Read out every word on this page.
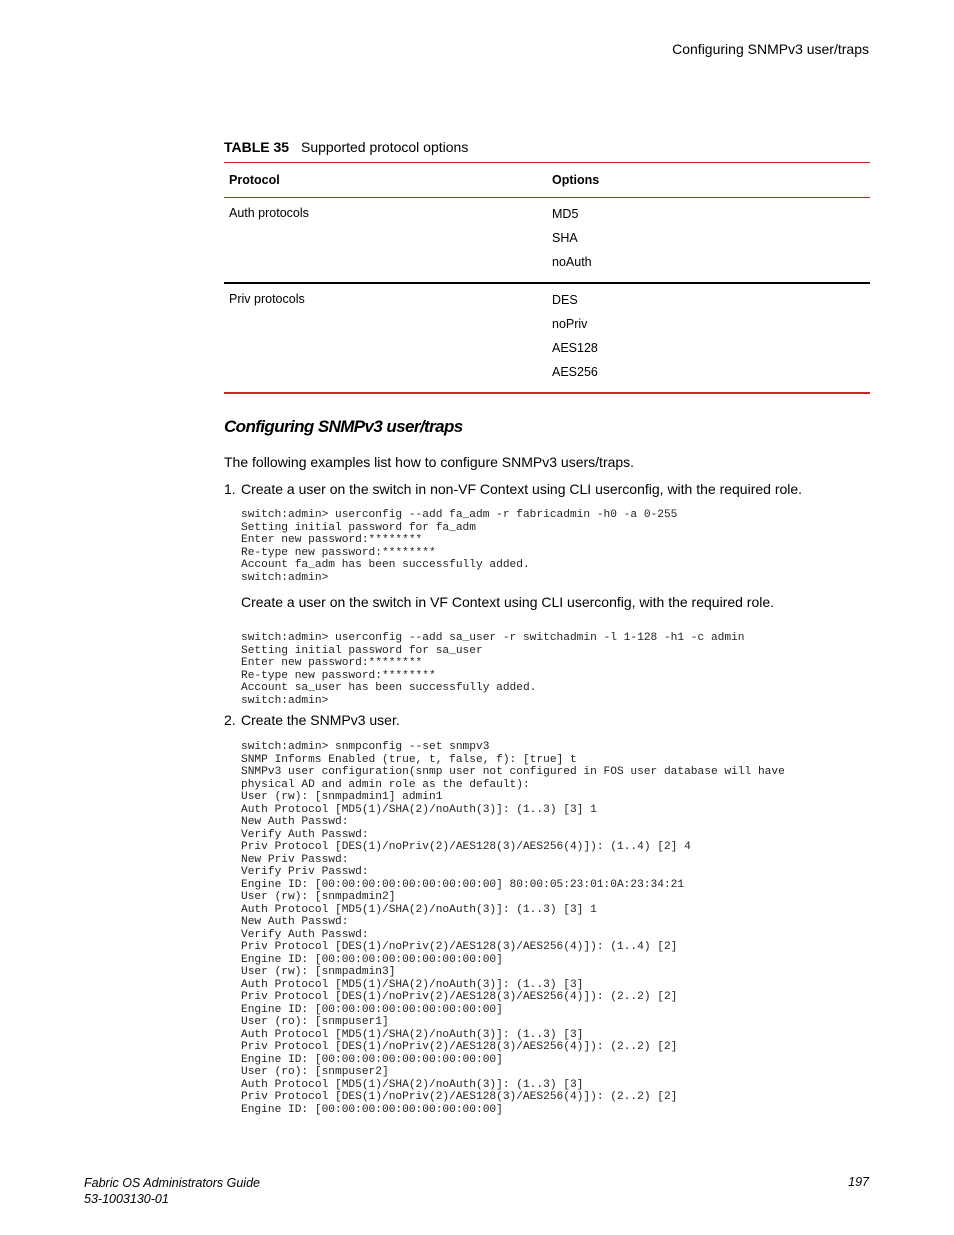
Configuring SNMPv3 user/traps
TABLE 35 Supported protocol options
Protocol	Options
Auth protocols	MD5
SHA
noAuth

Priv protocols	DES
noPriv
AES128
AES256
Configuring SNMPv3 user/traps
The following examples list how to configure SNMPv3 users/traps.
1. Create a user on the switch in non-VF Context using CLI userconfig, with the required role.
switch:admin> userconfig --add fa_adm -r fabricadmin -h0 -a 0-255
Setting initial password for fa_adm
Enter new password:********
Re-type new password:********
Account fa_adm has been successfully added.
switch:admin>
Create a user on the switch in VF Context using CLI userconfig, with the required role.
switch:admin> userconfig --add sa_user -r switchadmin -l 1-128 -h1 -c admin
Setting initial password for sa_user
Enter new password:********
Re-type new password:********
Account sa_user has been successfully added.
switch:admin>
2. Create the SNMPv3 user.
switch:admin> snmpconfig --set snmpv3
SNMP Informs Enabled (true, t, false, f): [true] t
SNMPv3 user configuration(snmp user not configured in FOS user database will have
physical AD and admin role as the default):
User (rw): [snmpadmin1] admin1
Auth Protocol [MD5(1)/SHA(2)/noAuth(3)]: (1..3) [3] 1
New Auth Passwd:
Verify Auth Passwd:
Priv Protocol [DES(1)/noPriv(2)/AES128(3)/AES256(4)]): (1..4) [2] 4
New Priv Passwd:
Verify Priv Passwd:
Engine ID: [00:00:00:00:00:00:00:00:00] 80:00:05:23:01:0A:23:34:21
User (rw): [snmpadmin2]
Auth Protocol [MD5(1)/SHA(2)/noAuth(3)]: (1..3) [3] 1
New Auth Passwd:
Verify Auth Passwd:
Priv Protocol [DES(1)/noPriv(2)/AES128(3)/AES256(4)]): (1..4) [2]
Engine ID: [00:00:00:00:00:00:00:00:00]
User (rw): [snmpadmin3]
Auth Protocol [MD5(1)/SHA(2)/noAuth(3)]: (1..3) [3]
Priv Protocol [DES(1)/noPriv(2)/AES128(3)/AES256(4)]): (2..2) [2]
Engine ID: [00:00:00:00:00:00:00:00:00]
User (ro): [snmpuser1]
Auth Protocol [MD5(1)/SHA(2)/noAuth(3)]: (1..3) [3]
Priv Protocol [DES(1)/noPriv(2)/AES128(3)/AES256(4)]): (2..2) [2]
Engine ID: [00:00:00:00:00:00:00:00:00]
User (ro): [snmpuser2]
Auth Protocol [MD5(1)/SHA(2)/noAuth(3)]: (1..3) [3]
Priv Protocol [DES(1)/noPriv(2)/AES128(3)/AES256(4)]): (2..2) [2]
Engine ID: [00:00:00:00:00:00:00:00:00]
Fabric OS Administrators Guide
53-1003130-01
197
